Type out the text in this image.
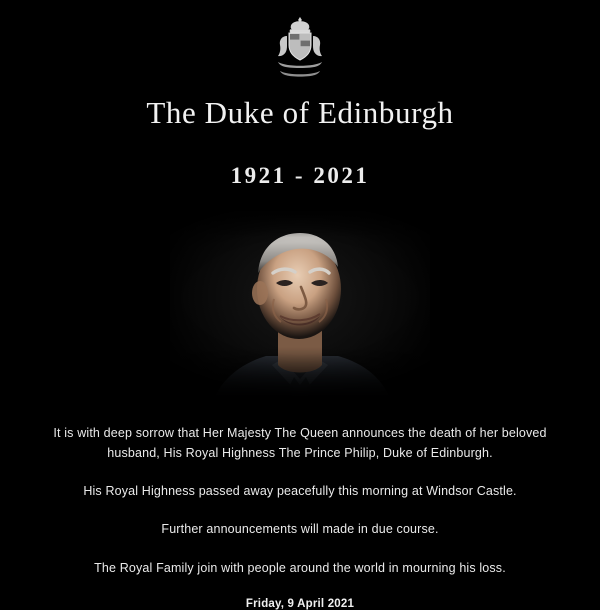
The Duke of Edinburgh
1921 - 2021

It is with deep sorrow that Her Majesty The Queen announces the death of her beloved husband, His Royal Highness The Prince Philip, Duke of Edinburgh.

His Royal Highness passed away peacefully this morning at Windsor Castle.

Further announcements will made in due course.

The Royal Family join with people around the world in mourning his loss.

Friday, 9 April 2021
